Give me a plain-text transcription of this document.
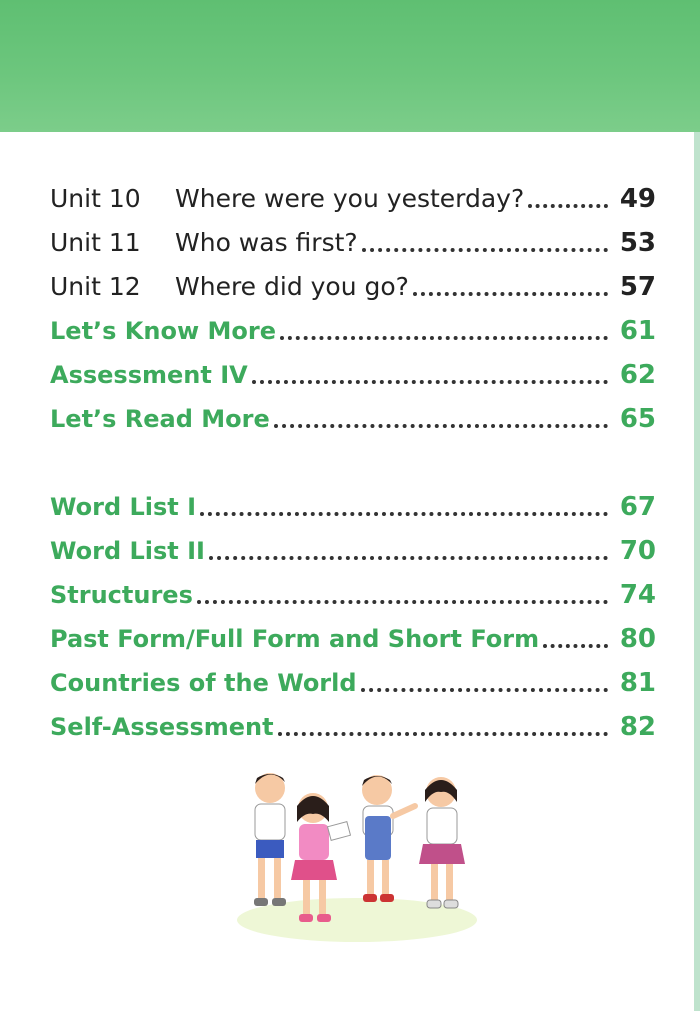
Unit 10	Where were you yesterday?	49
Unit 11	Who was first?	53
Unit 12	Where did you go?	57
Let’s Know More	61
Assessment IV	62
Let’s Read More	65
Word List I	67
Word List II	70
Structures	74
Past Form/Full Form and Short Form	80
Countries of the World	81
Self-Assessment	82
